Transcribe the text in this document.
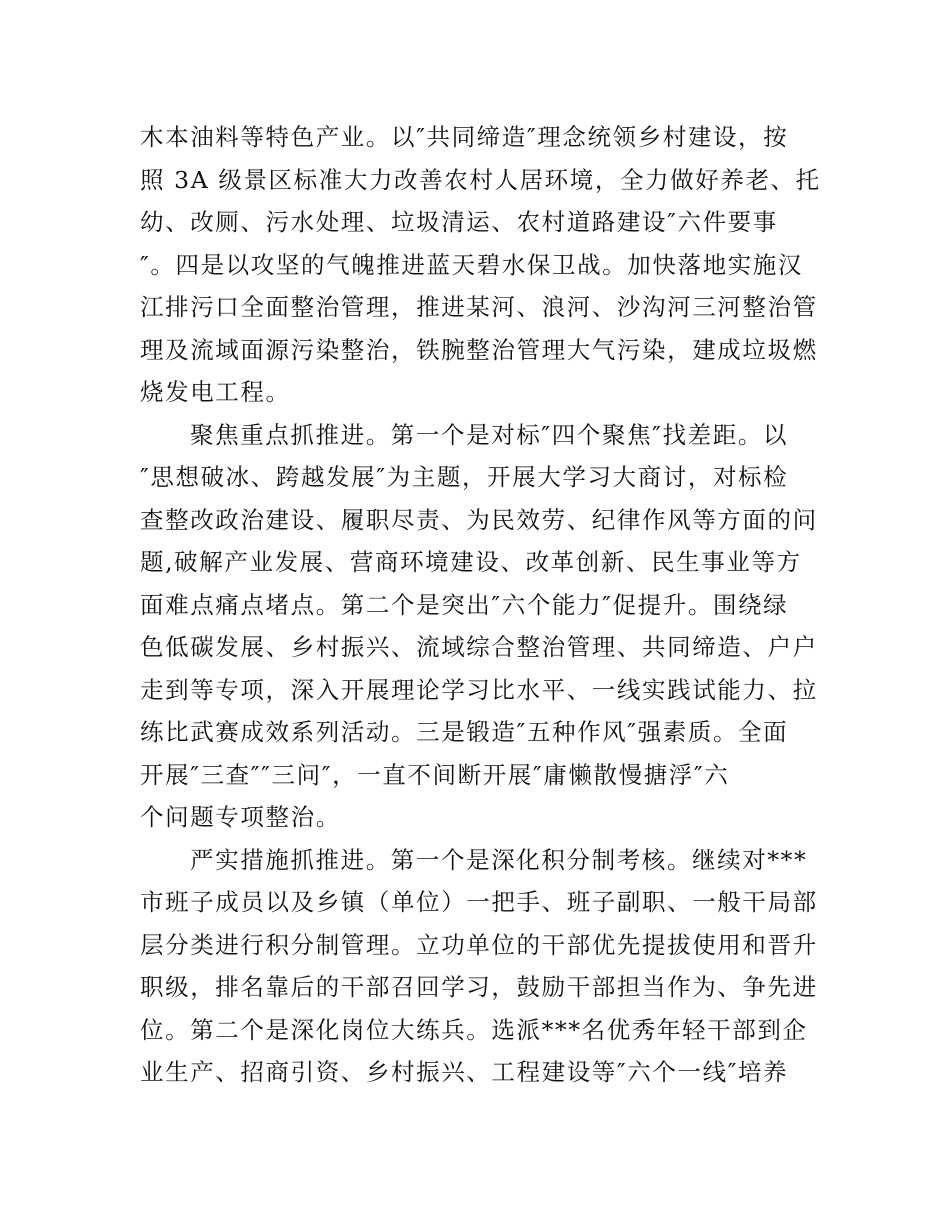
木本油料等特色产业。以″共同缔造″理念统领乡村建设，按
照 3A 级景区标准大力改善农村人居环境，全力做好养老、托
幼、改厕、污水处理、垃圾清运、农村道路建设″六件要事
″。四是以攻坚的气魄推进蓝天碧水保卫战。加快落地实施汉
江排污口全面整治管理，推进某河、浪河、沙沟河三河整治管
理及流域面源污染整治，铁腕整治管理大气污染，建成垃圾燃
烧发电工程。

聚焦重点抓推进。第一个是对标″四个聚焦″找差距。以
″思想破冰、跨越发展″为主题，开展大学习大商讨，对标检
查整改政治建设、履职尽责、为民效劳、纪律作风等方面的问
题,破解产业发展、营商环境建设、改革创新、民生事业等方
面难点痛点堵点。第二个是突出″六个能力″促提升。围绕绿
色低碳发展、乡村振兴、流域综合整治管理、共同缔造、户户
走到等专项，深入开展理论学习比水平、一线实践试能力、拉
练比武赛成效系列活动。三是锻造″五种作风″强素质。全面
开展″三查″″三问″，一直不间断开展″庸懒散慢搪浮″六
个问题专项整治。

严实措施抓推进。第一个是深化积分制考核。继续对***
市班子成员以及乡镇（单位）一把手、班子副职、一般干局部
层分类进行积分制管理。立功单位的干部优先提拔使用和晋升
职级，排名靠后的干部召回学习，鼓励干部担当作为、争先进
位。第二个是深化岗位大练兵。选派***名优秀年轻干部到企
业生产、招商引资、乡村振兴、工程建设等″六个一线″培养
